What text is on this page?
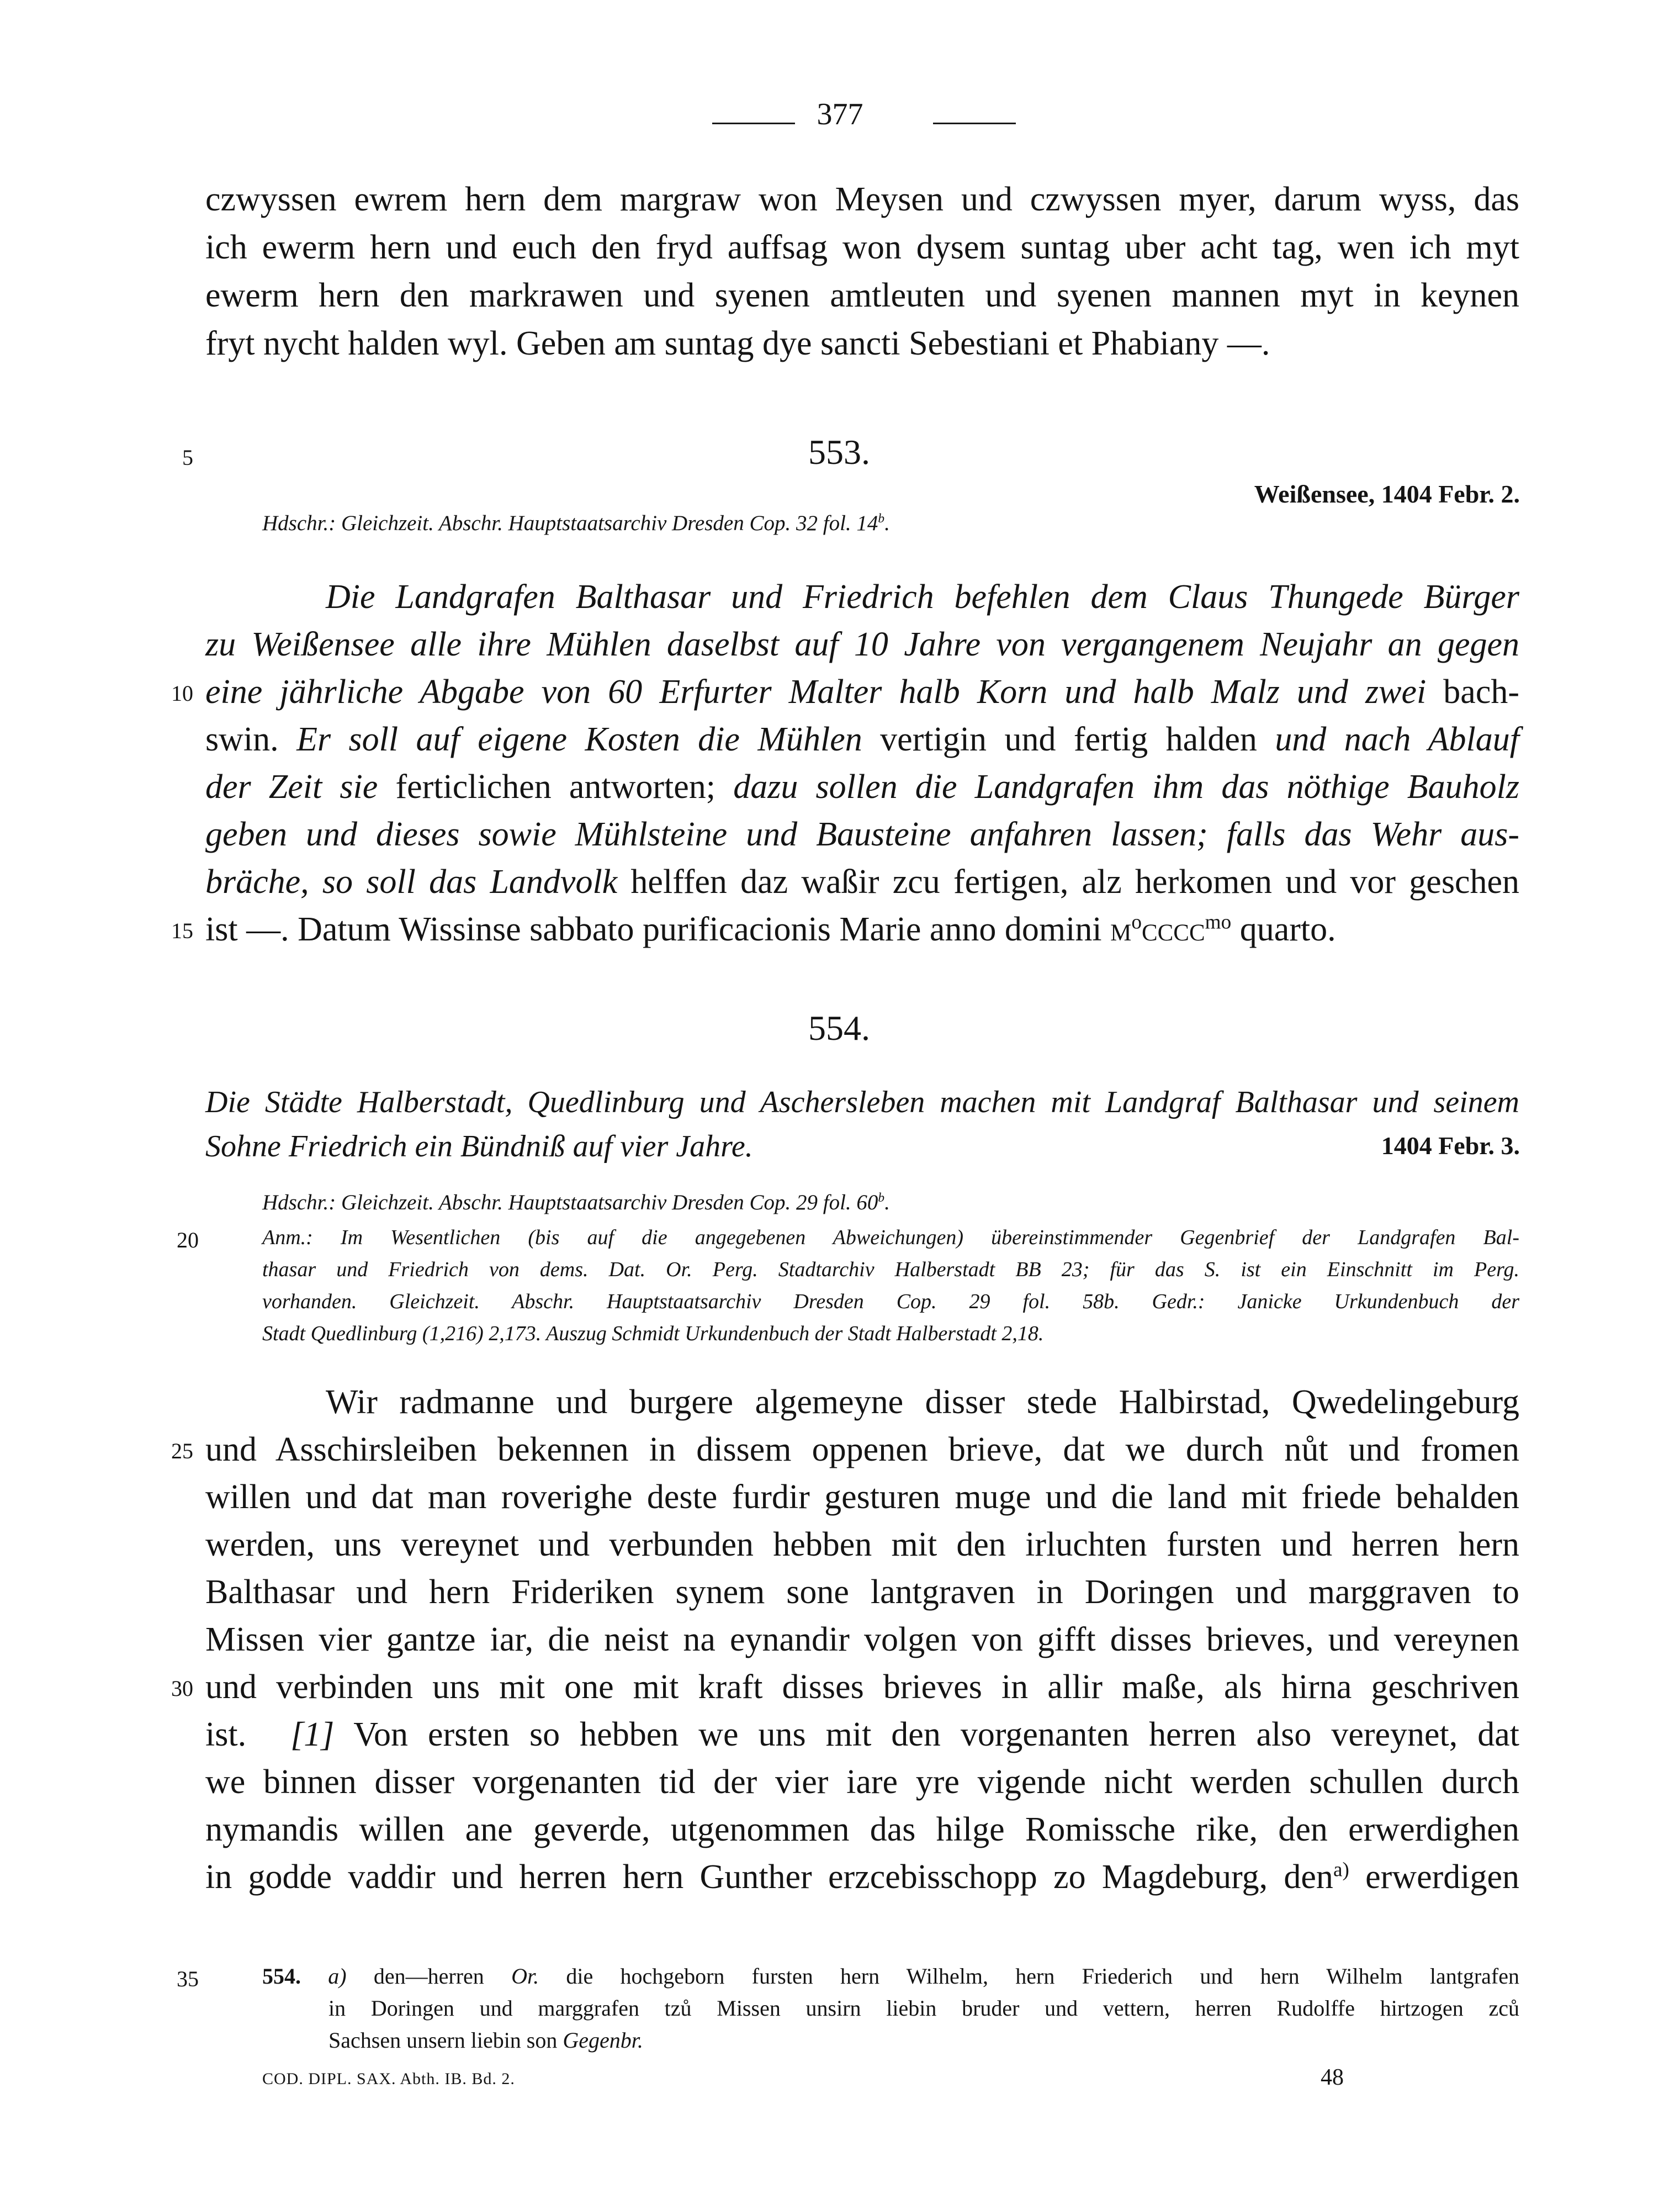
377

czwyssen ewrem hern dem margraw won Meysen und czwyssen myer, darum wyss, das

ich ewerm hern und euch den fryd auffsag won dysem suntag uber acht tag, wen ich myt

ewerm hern den markrawen und syenen amtleuten und syenen mannen myt in keynen

fryt nycht halden wyl. Geben am suntag dye sancti Sebestiani et Phabiany —.

5	553.

Weißensee, 1404 Febr. 2.

Hdschr.: Gleichzeit. Abschr. Hauptstaatsarchiv Dresden Cop. 32 fol. 14$^b$.

Die Landgrafen Balthasar und Friedrich befehlen dem Claus Thungede Bürger

zu Weißensee alle ihre Mühlen daselbst auf 10 Jahre von vergangenem Neujahr an gegen

10 eine jährliche Abgabe von 60 Erfurter Malter halb Korn und halb Malz und zwei bach-

swin. Er soll auf eigene Kosten die Mühlen vertigin und fertig halden und nach Ablauf

der Zeit sie ferticlichen antworten; dazu sollen die Landgrafen ihm das nöthige Bauholz

geben und dieses sowie Mühlsteine und Bausteine anfahren lassen; falls das Wehr aus-

bräche, so soll das Landvolk helffen daz waßir zcu fertigen, alz herkomen und vor geschen

15 ist —. Datum Wissinse sabbato purificacionis Marie anno domini $m^occcc^{mo}$ quarto.

554.

Die Städte Halberstadt, Quedlinburg und Aschersleben machen mit Landgraf Balthasar und seinem

Sohne Friedrich ein Bündniß auf vier Jahre.	1404 Febr. 3.

Hdschr.: Gleichzeit. Abschr. Hauptstaatsarchiv Dresden Cop. 29 fol. 60$^b$.

20	Anm.: Im Wesentlichen (bis auf die angegebenen Abweichungen) übereinstimmender Gegenbrief der Landgrafen Bal-

thasar und Friedrich von dems. Dat. Or. Perg. Stadtarchiv Halberstadt BB 23; für das S. ist ein Einschnitt im Perg.

vorhanden. Gleichzeit. Abschr. Hauptstaatsarchiv Dresden Cop. 29 fol. 58b. Gedr.: Janicke Urkundenbuch der

Stadt Quedlinburg (1,216) 2,173. Auszug Schmidt Urkundenbuch der Stadt Halberstadt 2,18.

Wir radmanne und burgere algemeyne disser stede Halbirstad, Qwedelingeburg

25 und Asschirsleiben bekennen in dissem oppenen brieve, dat we durch nůt und fromen

willen und dat man roverighe deste furdir gesturen muge und die land mit friede behalden

werden, uns vereynet und verbunden hebben mit den irluchten fursten und herren hern

Balthasar und hern Frideriken synem sone lantgraven in Doringen und marggraven to

Missen vier gantze iar, die neist na eynandir volgen von gifft disses brieves, und vereynen

30 und verbinden uns mit one mit kraft disses brieves in allir maße, als hirna geschriven

ist. [1] Von ersten so hebben we uns mit den vorgenanten herren also vereynet, dat

we binnen disser vorgenanten tid der vier iare yre vigende nicht werden schullen durch

nymandis willen ane geverde, utgenommen das hilge Romissche rike, den erwerdighen

in godde vaddir und herren hern Gunther erzcebisschopp zo Magdeburg, den$^{a)}$ erwerdigen

35	554. a) den—herren Or. die hochgeborn fursten hern Wilhelm, hern Friederich und hern Wilhelm lantgrafen

in Doringen und marggrafen tzů Missen unsirn liebin bruder und vettern, herren Rudolffe hirtzogen zců

Sachsen unsern liebin son Gegenbr.

COD. DIPL. SAX. Abth. IB. Bd. 2.	48
